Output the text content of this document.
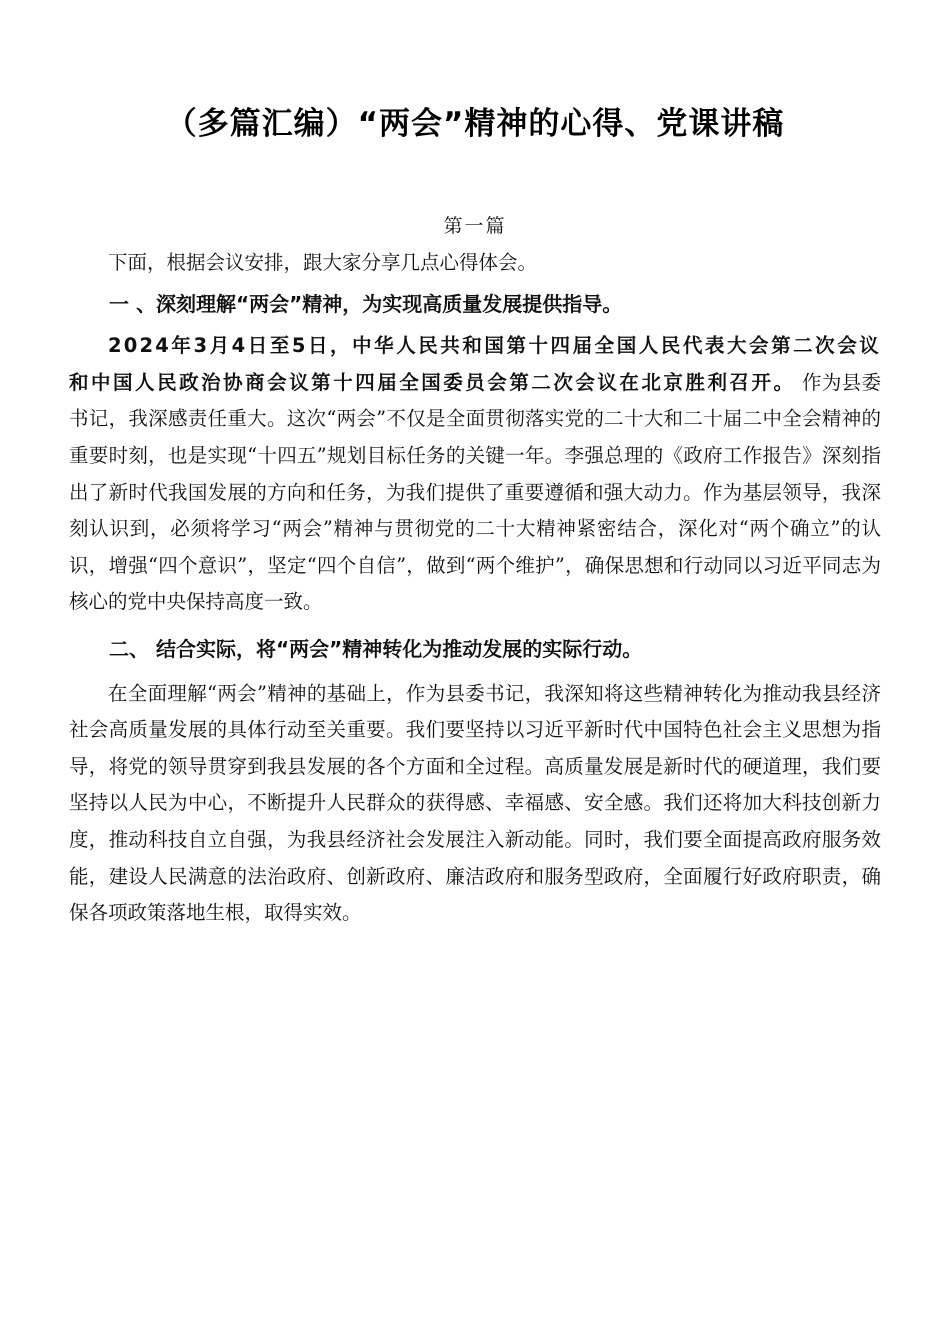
（多篇汇编）“两会”精神的心得、党课讲稿
第一篇

下面，根据会议安排，跟大家分享几点心得体会。

一 、深刻理解“两会”精神，为实现高质量发展提供指导。

2024年3月4日至5日，中华人民共和国第十四届全国人民代表大会第二次会议和中国人民政治协商会议第十四届全国委员会第二次会议在北京胜利召开。 作为县委书记，我深感责任重大。这次“两会”不仅是全面贯彻落实党的二十大和二十届二中全会精神的重要时刻，也是实现“十四五”规划目标任务的关键一年。李强总理的《政府工作报告》深刻指出了新时代我国发展的方向和任务，为我们提供了重要遵循和强大动力。作为基层领导，我深刻认识到，必须将学习“两会”精神与贯彻党的二十大精神紧密结合，深化对“两个确立”的认识，增强“四个意识”，坚定“四个自信”，做到“两个维护”，确保思想和行动同以习近平同志为核心的党中央保持高度一致。

二、 结合实际，将“两会”精神转化为推动发展的实际行动。

在全面理解“两会”精神的基础上，作为县委书记，我深知将这些精神转化为推动我县经济社会高质量发展的具体行动至关重要。我们要坚持以习近平新时代中国特色社会主义思想为指导，将党的领导贯穿到我县发展的各个方面和全过程。高质量发展是新时代的硬道理，我们要坚持以人民为中心，不断提升人民群众的获得感、幸福感、安全感。我们还将加大科技创新力度，推动科技自立自强，为我县经济社会发展注入新动能。同时，我们要全面提高政府服务效能，建设人民满意的法治政府、创新政府、廉洁政府和服务型政府，全面履行好政府职责，确保各项政策落地生根，取得实效。
